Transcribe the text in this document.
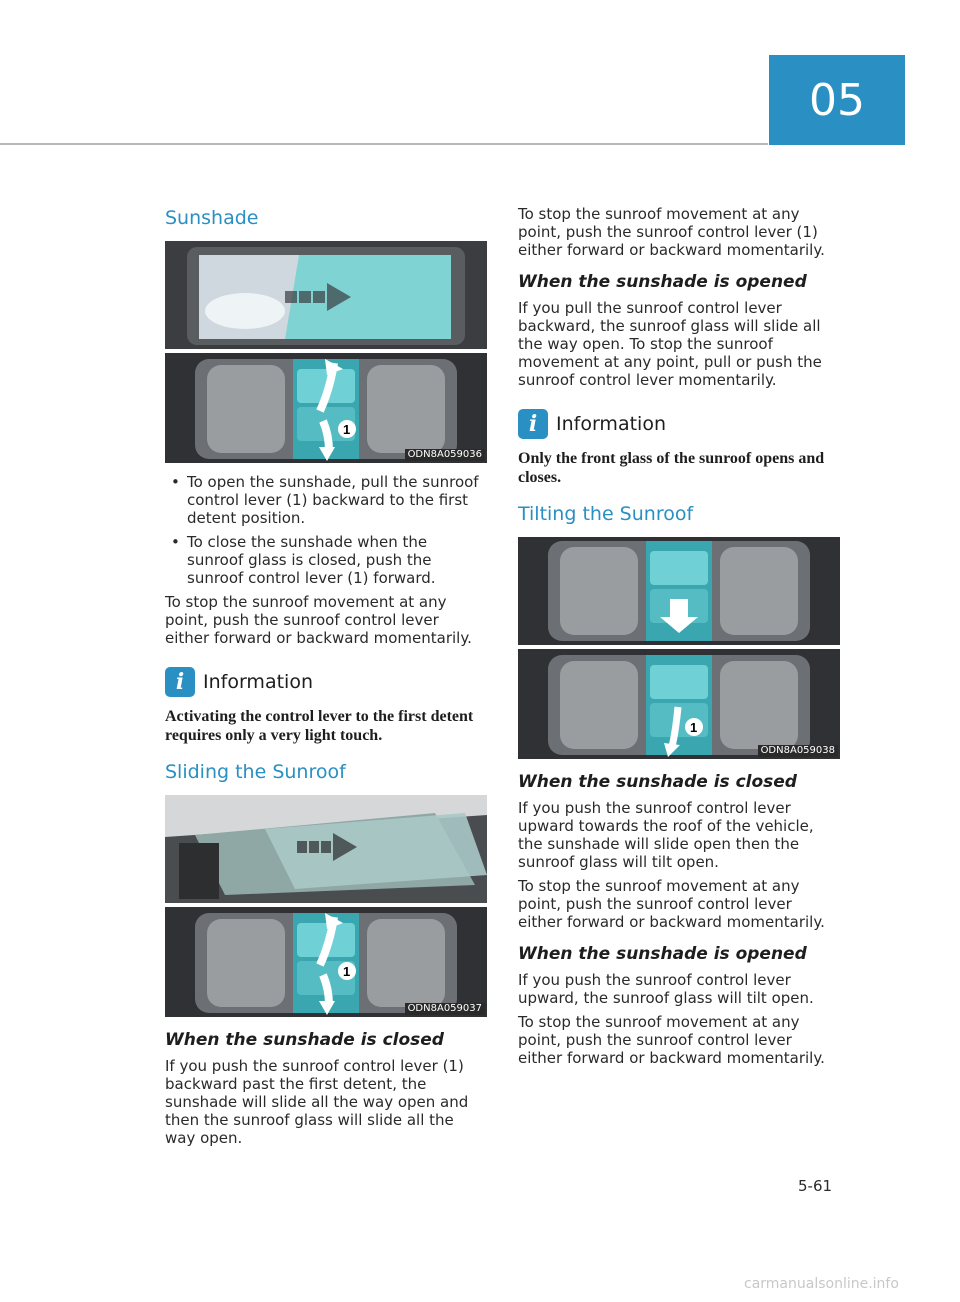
05
Sunshade
1
ODN8A059036
• To open the sunshade, pull the sunroof control lever (1) backward to the first detent position.
• To close the sunshade when the sunroof glass is closed, push the sunroof control lever (1) forward.

To stop the sunroof movement at any point, push the sunroof control lever either forward or backward momentarily.

i Information
Activating the control lever to the first detent requires only a very light touch.
Sliding the Sunroof
1
ODN8A059037
When the sunshade is closed

If you push the sunroof control lever (1) backward past the first detent, the sunshade will slide all the way open and then the sunroof glass will slide all the way open.

To stop the sunroof movement at any point, push the sunroof control lever (1) either forward or backward momentarily.

When the sunshade is opened

If you pull the sunroof control lever backward, the sunroof glass will slide all the way open. To stop the sunroof movement at any point, pull or push the sunroof control lever momentarily.

i Information
Only the front glass of the sunroof opens and closes.
Tilting the Sunroof
1
ODN8A059038
When the sunshade is closed

If you push the sunroof control lever upward towards the roof of the vehicle, the sunshade will slide open then the sunroof glass will tilt open.

To stop the sunroof movement at any point, push the sunroof control lever either forward or backward momentarily.

When the sunshade is opened

If you push the sunroof control lever upward, the sunroof glass will tilt open.

To stop the sunroof movement at any point, push the sunroof control lever either forward or backward momentarily.

5-61
carmanualsonline.info
